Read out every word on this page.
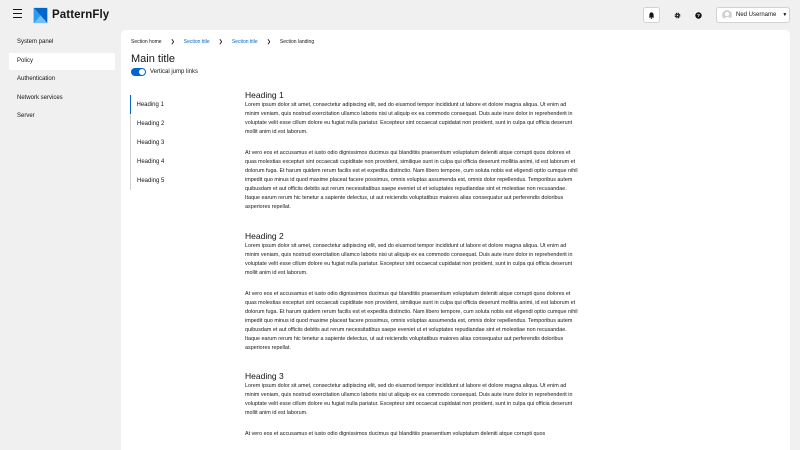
PatternFly	?	Ned Username ▼
System panel
Policy
Authentication
Network services
Server
Section home ❯ Section title ❯ Section title ❯ Section landing
Main title
Vertical jump links
Heading 1
Heading 2
Heading 3
Heading 4
Heading 5
Heading 1

Lorem ipsum dolor sit amet, consectetur adipiscing elit, sed do eiusmod tempor incididunt ut labore et dolore magna aliqua. Ut enim ad minim veniam, quis nostrud exercitation ullamco laboris nisi ut aliquip ex ea commodo consequat. Duis aute irure dolor in reprehenderit in voluptate velit esse cillum dolore eu fugiat nulla pariatur. Excepteur sint occaecat cupidatat non proident, sunt in culpa qui officia deserunt mollit anim id est laborum.

At vero eos et accusamus et iusto odio dignissimos ducimus qui blanditiis praesentium voluptatum deleniti atque corrupti quos dolores et quas molestias excepturi sint occaecati cupiditate non provident, similique sunt in culpa qui officia deserunt mollitia animi, id est laborum et dolorum fuga. Et harum quidem rerum facilis est et expedita distinctio. Nam libero tempore, cum soluta nobis est eligendi optio cumque nihil impedit quo minus id quod maxime placeat facere possimus, omnis voluptas assumenda est, omnis dolor repellendus. Temporibus autem quibusdam et aut officiis debitis aut rerum necessitatibus saepe eveniet ut et voluptates repudiandae sint et molestiae non recusandae. Itaque earum rerum hic tenetur a sapiente delectus, ut aut reiciendis voluptatibus maiores alias consequatur aut perferendis doloribus asperiores repellat.

Heading 2

Lorem ipsum dolor sit amet, consectetur adipiscing elit, sed do eiusmod tempor incididunt ut labore et dolore magna aliqua. Ut enim ad minim veniam, quis nostrud exercitation ullamco laboris nisi ut aliquip ex ea commodo consequat. Duis aute irure dolor in reprehenderit in voluptate velit esse cillum dolore eu fugiat nulla pariatur. Excepteur sint occaecat cupidatat non proident, sunt in culpa qui officia deserunt mollit anim id est laborum.

At vero eos et accusamus et iusto odio dignissimos ducimus qui blanditiis praesentium voluptatum deleniti atque corrupti quos dolores et quas molestias excepturi sint occaecati cupiditate non provident, similique sunt in culpa qui officia deserunt mollitia animi, id est laborum et dolorum fuga. Et harum quidem rerum facilis est et expedita distinctio. Nam libero tempore, cum soluta nobis est eligendi optio cumque nihil impedit quo minus id quod maxime placeat facere possimus, omnis voluptas assumenda est, omnis dolor repellendus. Temporibus autem quibusdam et aut officiis debitis aut rerum necessitatibus saepe eveniet ut et voluptates repudiandae sint et molestiae non recusandae. Itaque earum rerum hic tenetur a sapiente delectus, ut aut reiciendis voluptatibus maiores alias consequatur aut perferendis doloribus asperiores repellat.

Heading 3

Lorem ipsum dolor sit amet, consectetur adipiscing elit, sed do eiusmod tempor incididunt ut labore et dolore magna aliqua. Ut enim ad minim veniam, quis nostrud exercitation ullamco laboris nisi ut aliquip ex ea commodo consequat. Duis aute irure dolor in reprehenderit in voluptate velit esse cillum dolore eu fugiat nulla pariatur. Excepteur sint occaecat cupidatat non proident, sunt in culpa qui officia deserunt mollit anim id est laborum.

At vero eos et accusamus et iusto odio dignissimos ducimus qui blanditiis praesentium voluptatum deleniti atque corrupti quos
